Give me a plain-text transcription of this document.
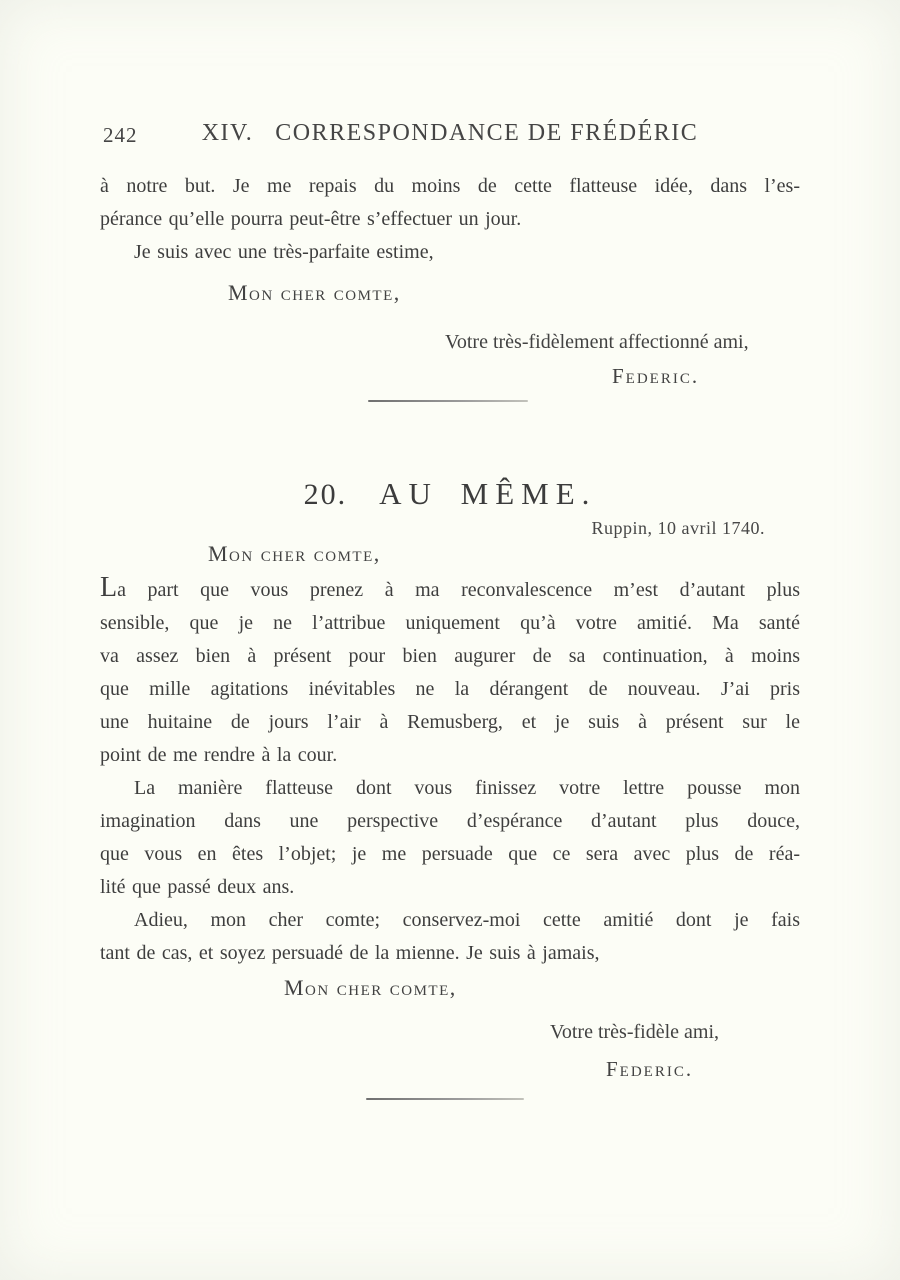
242	XIV. CORRESPONDANCE DE FRÉDÉRIC
à notre but. Je me repais du moins de cette flatteuse idée, dans l’es-
pérance qu’elle pourra peut-être s’effectuer un jour.
Je suis avec une très-parfaite estime,
Mon cher comte,
Votre très-fidèlement affectionné ami,
Federic.
20. AU MÊME.
Ruppin, 10 avril 1740.
Mon cher comte,
La part que vous prenez à ma reconvalescence m’est d’autant plus
sensible, que je ne l’attribue uniquement qu’à votre amitié. Ma santé
va assez bien à présent pour bien augurer de sa continuation, à moins
que mille agitations inévitables ne la dérangent de nouveau. J’ai pris
une huitaine de jours l’air à Remusberg, et je suis à présent sur le
point de me rendre à la cour.
La manière flatteuse dont vous finissez votre lettre pousse mon
imagination dans une perspective d’espérance d’autant plus douce,
que vous en êtes l’objet; je me persuade que ce sera avec plus de réa-
lité que passé deux ans.
Adieu, mon cher comte; conservez-moi cette amitié dont je fais
tant de cas, et soyez persuadé de la mienne. Je suis à jamais,
Mon cher comte,
Votre très-fidèle ami,
Federic.
